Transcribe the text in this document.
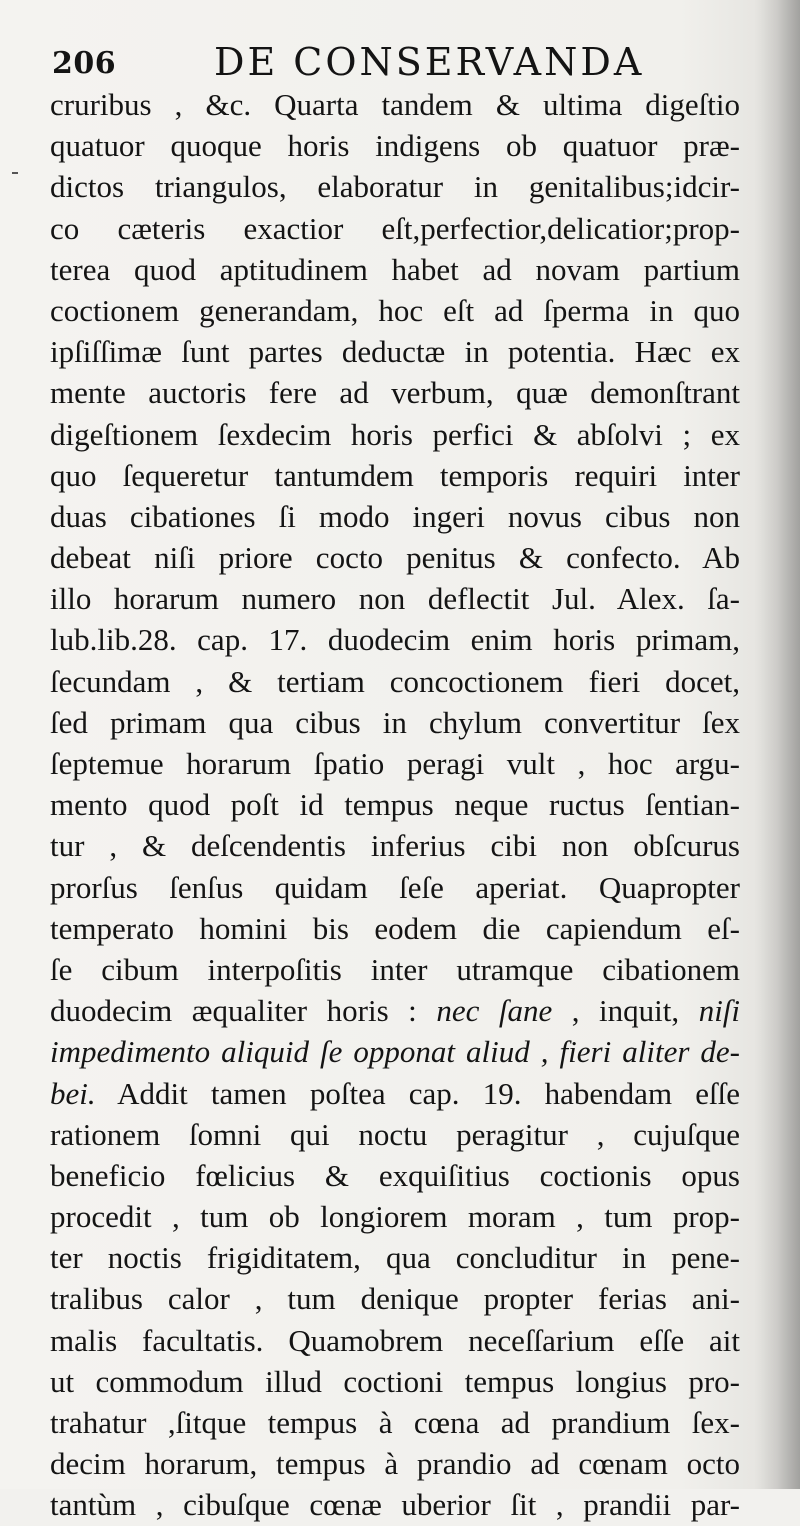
206	DE CONSERVANDA
cruribus , &c. Quarta tandem & ultima digeſtio
quatuor quoque horis indigens ob quatuor præ-
dictos triangulos, elaboratur in genitalibus;idcir-
co cæteris exactior eſt,perfectior,delicatior;prop-
terea quod aptitudinem habet ad novam partium
coctionem generandam, hoc eſt ad ſperma in quo
ipſiſſimæ ſunt partes deductæ in potentia. Hæc ex
mente auctoris fere ad verbum, quæ demonſtrant
digeſtionem ſexdecim horis perfici & abſolvi ; ex
quo ſequeretur tantumdem temporis requiri inter
duas cibationes ſi modo ingeri novus cibus non
debeat niſi priore cocto penitus & confecto. Ab
illo horarum numero non deflectit Jul. Alex. ſa-
lub.lib.28. cap. 17. duodecim enim horis primam,
ſecundam , & tertiam concoctionem fieri docet,
ſed primam qua cibus in chylum convertitur ſex
ſeptemue horarum ſpatio peragi vult , hoc argu-
mento quod poſt id tempus neque ructus ſentian-
tur , & deſcendentis inferius cibi non obſcurus
prorſus ſenſus quidam ſeſe aperiat. Quapropter
temperato homini bis eodem die capiendum eſ-
ſe cibum interpoſitis inter utramque cibationem
duodecim æqualiter horis : nec ſane , inquit, niſi
impedimento aliquid ſe opponat aliud , fieri aliter de-
bei. Addit tamen poſtea cap. 19. habendam eſſe
rationem ſomni qui noctu peragitur , cujuſque
beneficio fœlicius & exquiſitius coctionis opus
procedit , tum ob longiorem moram , tum prop-
ter noctis frigiditatem, qua concluditur in pene-
tralibus calor , tum denique propter ferias ani-
malis facultatis. Quamobrem neceſſarium eſſe ait
ut commodum illud coctioni tempus longius pro-
trahatur ,ſitque tempus à cœna ad prandium ſex-
decim horarum, tempus à prandio ad cœnam octo
tantùm , cibuſque cœnæ uberior ſit , prandii par-
